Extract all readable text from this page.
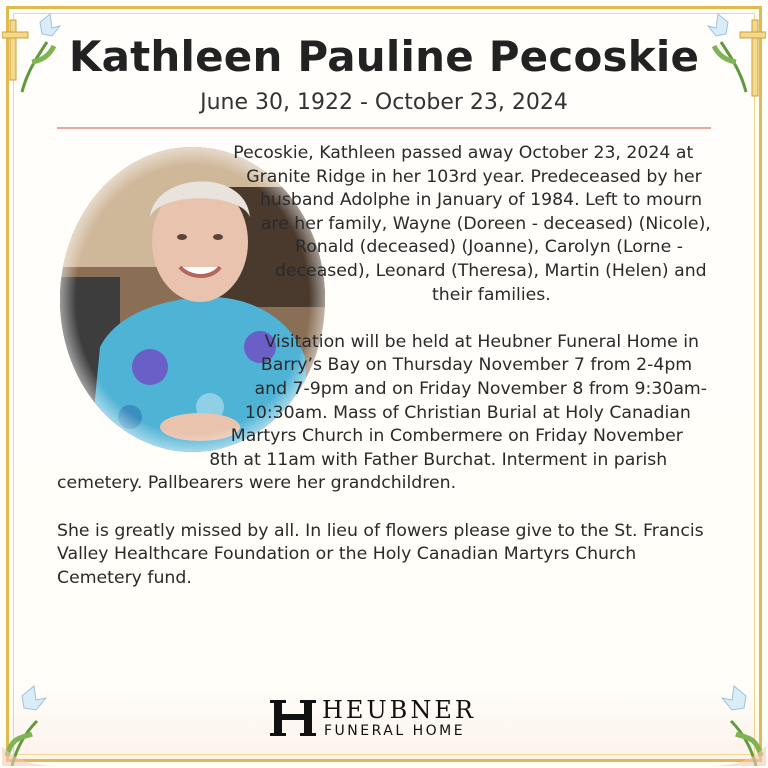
Kathleen Pauline Pecoskie
June 30, 1922 - October 23, 2024

Pecoskie, Kathleen passed away October 23, 2024 at Granite Ridge in her 103rd year. Predeceased by her husband Adolphe in January of 1984. Left to mourn are her family, Wayne (Doreen - deceased) (Nicole), Ronald (deceased) (Joanne), Carolyn (Lorne - deceased), Leonard (Theresa), Martin (Helen) and their families.

Visitation will be held at Heubner Funeral Home in Barry’s Bay on Thursday November 7 from 2-4pm and 7-9pm and on Friday November 8 from 9:30am-10:30am. Mass of Christian Burial at Holy Canadian Martyrs Church in Combermere on Friday November 8th at 11am with Father Burchat. Interment in parish cemetery. Pallbearers were her grandchildren.

She is greatly missed by all. In lieu of flowers please give to the St. Francis Valley Healthcare Foundation or the Holy Canadian Martyrs Church Cemetery fund.

HEUBNER
FUNERAL HOME
